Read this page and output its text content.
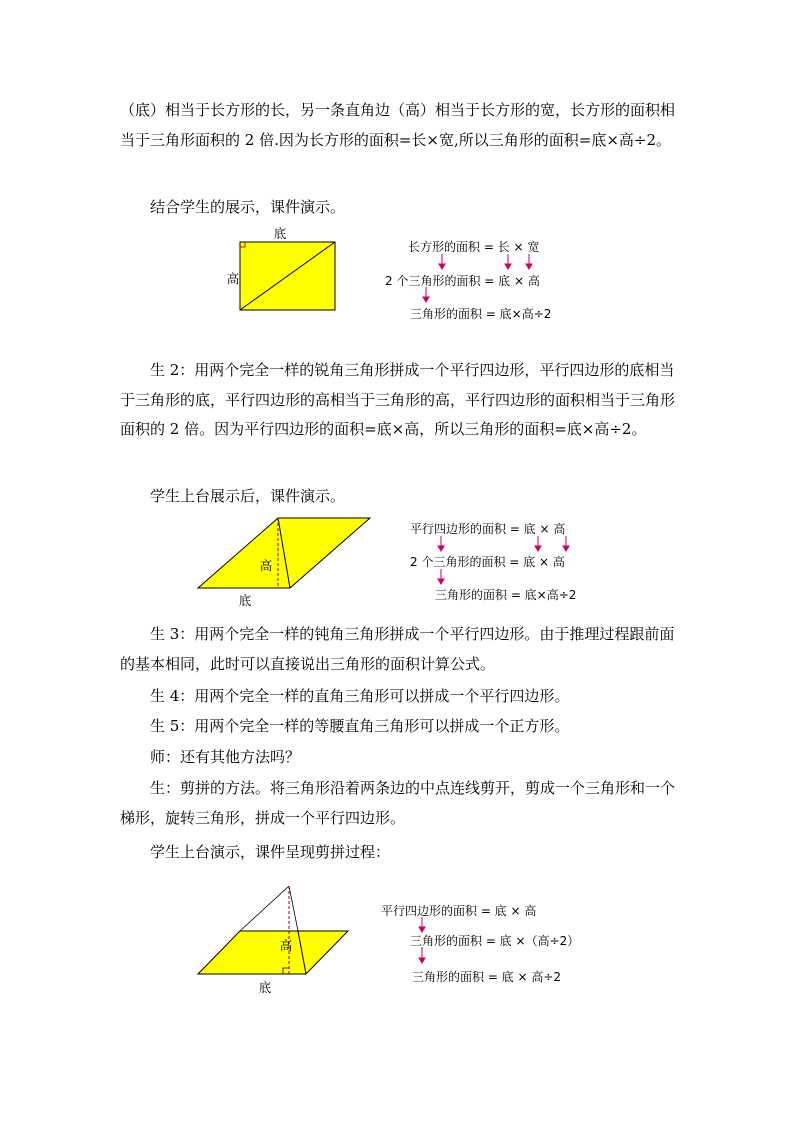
（底）相当于长方形的长，另一条直角边（高）相当于长方形的宽，长方形的面积相当于三角形面积的 2 倍.因为长方形的面积=长×宽,所以三角形的面积=底×高÷2。

结合学生的展示，课件演示。

底
高
长方形的面积 = 长 × 宽
2 个三角形的面积 = 底 × 高
三角形的面积 = 底×高÷2

生 2：用两个完全一样的锐角三角形拼成一个平行四边形，平行四边形的底相当于三角形的底，平行四边形的高相当于三角形的高，平行四边形的面积相当于三角形面积的 2 倍。因为平行四边形的面积=底×高，所以三角形的面积=底×高÷2。

学生上台展示后，课件演示。

高
底
平行四边形的面积 = 底 × 高
2 个三角形的面积 = 底 × 高
三角形的面积 = 底×高÷2

生 3：用两个完全一样的钝角三角形拼成一个平行四边形。由于推理过程跟前面的基本相同，此时可以直接说出三角形的面积计算公式。

生 4：用两个完全一样的直角三角形可以拼成一个平行四边形。

生 5：用两个完全一样的等腰直角三角形可以拼成一个正方形。

师：还有其他方法吗？

生：剪拼的方法。将三角形沿着两条边的中点连线剪开，剪成一个三角形和一个梯形，旋转三角形，拼成一个平行四边形。

学生上台演示，课件呈现剪拼过程：

高
底
平行四边形的面积 = 底 × 高
三角形的面积 = 底 ×（高÷2）
三角形的面积 = 底 × 高÷2
